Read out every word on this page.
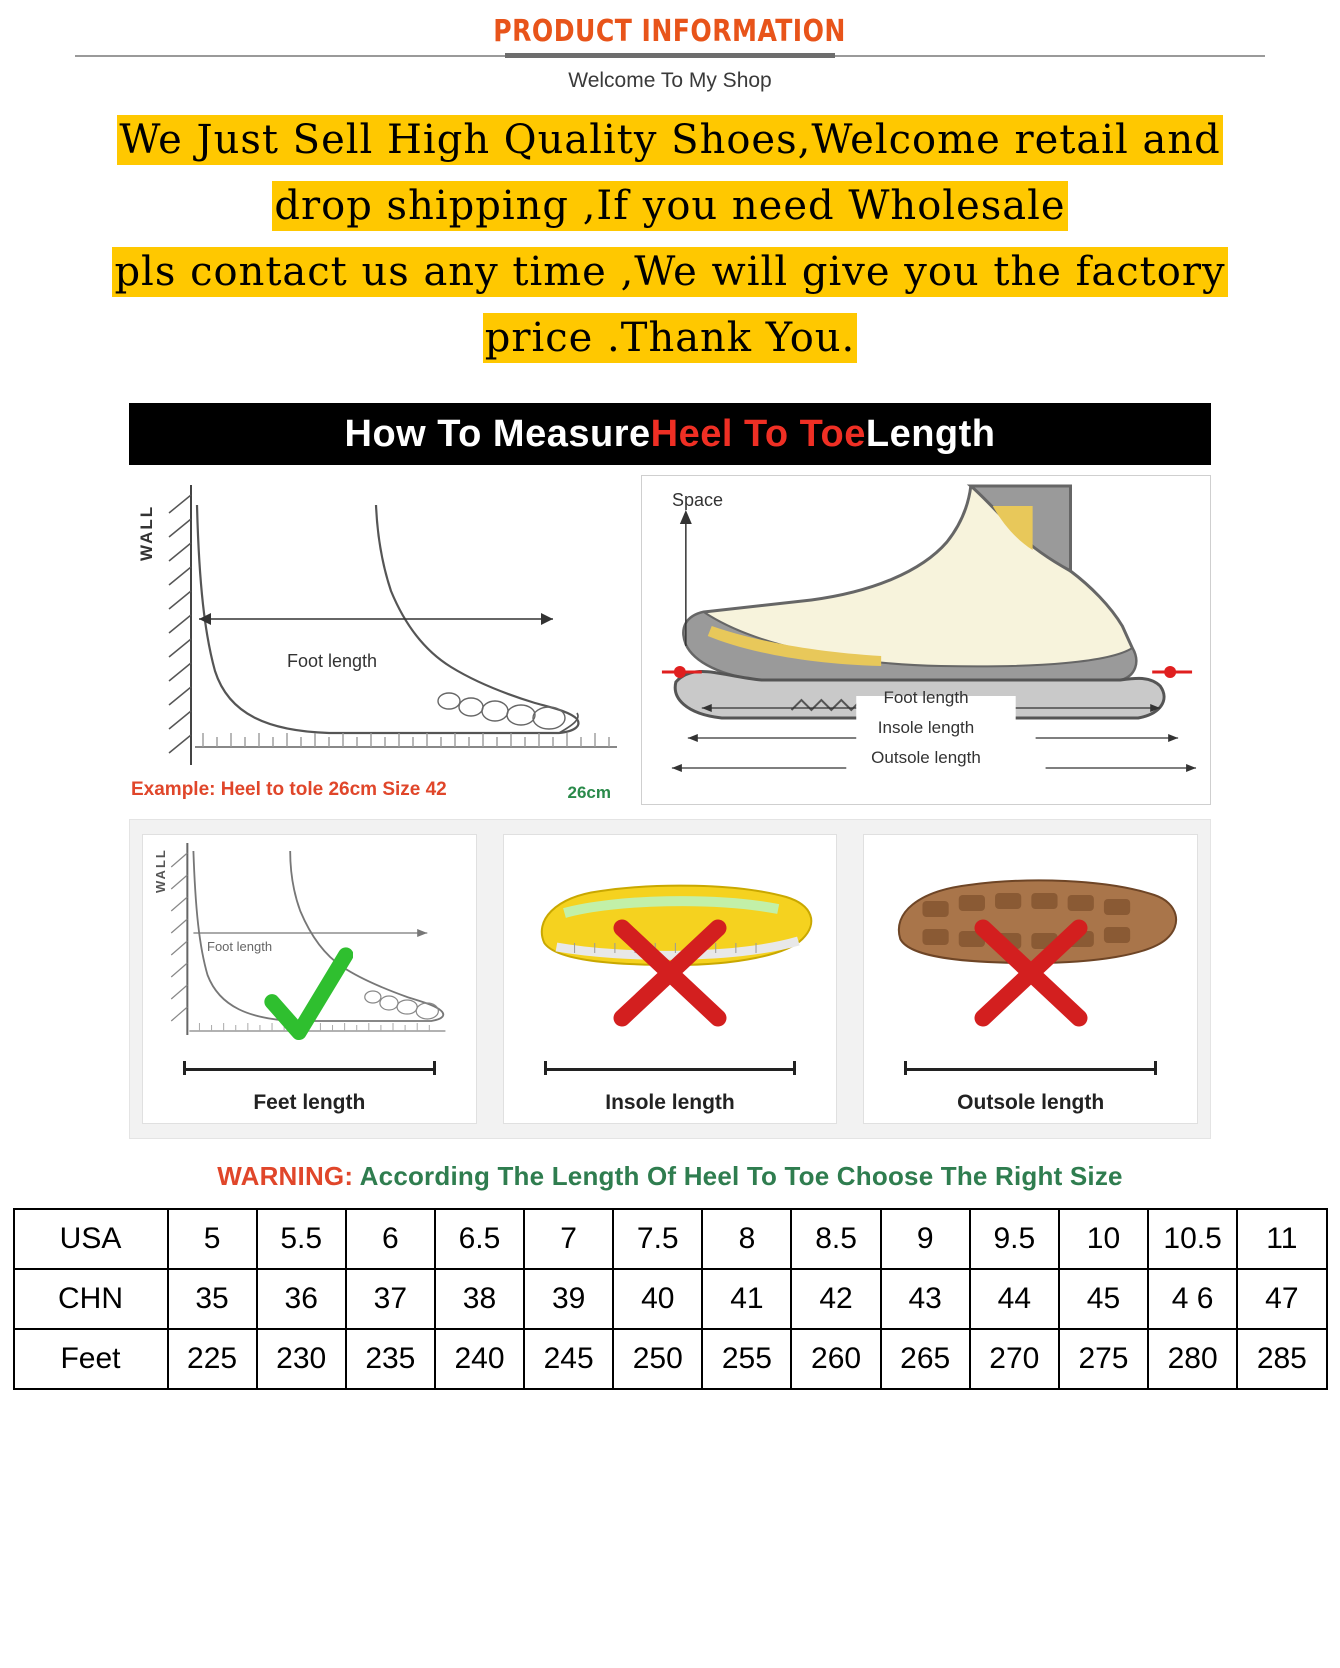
PRODUCT INFORMATION
Welcome To My Shop
We Just Sell High Quality Shoes,Welcome retail and
drop shipping ,If you need Wholesale
pls contact us any time ,We will give you the factory
price .Thank You.
How To Measure Heel To Toe Length
WALL
Foot length
Example: Heel to tole 26cm Size 42	26cm
Space
Foot length
Insole length
Outsole length
WALL
Foot length
Feet length	Insole length	Outsole length
WARNING: According The Length Of Heel To Toe Choose The Right Size
USA	5	5.5	6	6.5	7	7.5	8	8.5	9	9.5	10	10.5	11
CHN	35	36	37	38	39	40	41	42	43	44	45	4 6	47
Feet	225	230	235	240	245	250	255	260	265	270	275	280	285
